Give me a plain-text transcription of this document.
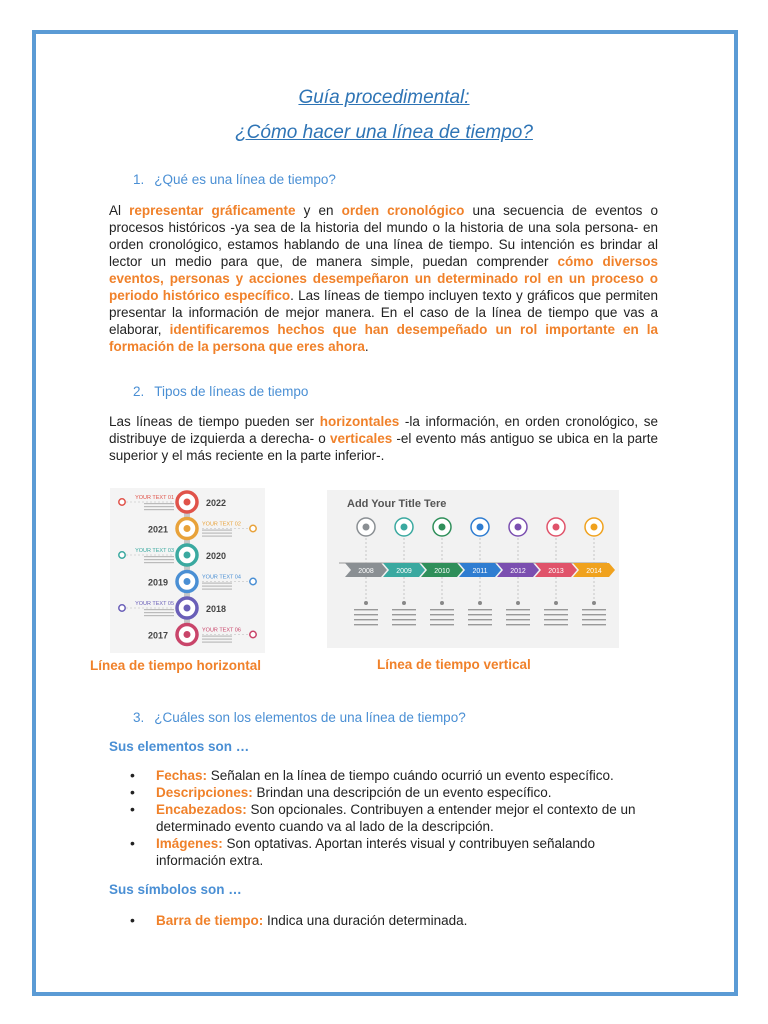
Guía procedimental:
¿Cómo hacer una línea de tiempo?
1. ¿Qué es una línea de tiempo?
Al representar gráficamente y en orden cronológico una secuencia de eventos o procesos históricos -ya sea de la historia del mundo o la historia de una sola persona- en orden cronológico, estamos hablando de una línea de tiempo. Su intención es brindar al lector un medio para que, de manera simple, puedan comprender cómo diversos eventos, personas y acciones desempeñaron un determinado rol en un proceso o periodo histórico específico. Las líneas de tiempo incluyen texto y gráficos que permiten presentar la información de mejor manera. En el caso de la línea de tiempo que vas a elaborar, identificaremos hechos que han desempeñado un rol importante en la formación de la persona que eres ahora.
2. Tipos de líneas de tiempo
Las líneas de tiempo pueden ser horizontales -la información, en orden cronológico, se distribuye de izquierda a derecha- o verticales -el evento más antiguo se ubica en la parte superior y el más reciente en la parte inferior-.
2022
YOUR TEXT 01
2021	YOUR TEXT 02
2020
YOUR TEXT 03
2019	YOUR TEXT 04
2018
YOUR TEXT 05
2017	YOUR TEXT 06
Línea de tiempo horizontal
Add Your Title Tere
2008	2009	2010	2011	2012	2013	2014
Línea de tiempo vertical
3. ¿Cuáles son los elementos de una línea de tiempo?
Sus elementos son …
• Fechas: Señalan en la línea de tiempo cuándo ocurrió un evento específico.
• Descripciones: Brindan una descripción de un evento específico.
• Encabezados: Son opcionales. Contribuyen a entender mejor el contexto de un determinado evento cuando va al lado de la descripción.
• Imágenes: Son optativas. Aportan interés visual y contribuyen señalando información extra.
Sus símbolos son …
• Barra de tiempo: Indica una duración determinada.
